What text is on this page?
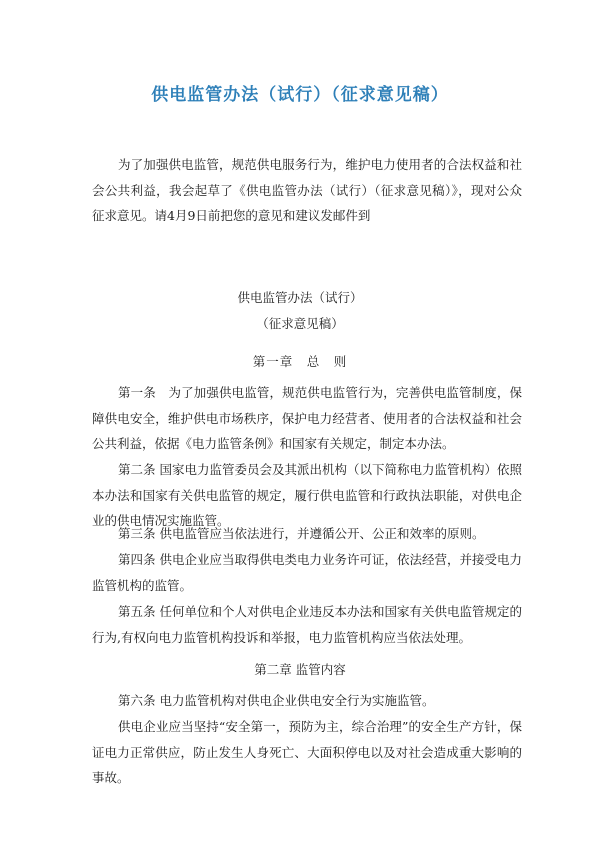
供电监管办法（试行）（征求意见稿）
为了加强供电监管，规范供电服务行为，维护电力使用者的合法权益和社会公共利益，我会起草了《供电监管办法（试行）（征求意见稿）》，现对公众征求意见。请4月9日前把您的意见和建议发邮件到
供电监管办法（试行）
（征求意见稿）
第一章　总　则
第一条　为了加强供电监管，规范供电监管行为，完善供电监管制度，保障供电安全，维护供电市场秩序，保护电力经营者、使用者的合法权益和社会公共利益，依据《电力监管条例》和国家有关规定，制定本办法。
第二条 国家电力监管委员会及其派出机构（以下简称电力监管机构）依照本办法和国家有关供电监管的规定，履行供电监管和行政执法职能，对供电企业的供电情况实施监管。
第三条 供电监管应当依法进行，并遵循公开、公正和效率的原则。
第四条 供电企业应当取得供电类电力业务许可证，依法经营，并接受电力监管机构的监管。
第五条 任何单位和个人对供电企业违反本办法和国家有关供电监管规定的行为,有权向电力监管机构投诉和举报，电力监管机构应当依法处理。
第二章 监管内容
第六条 电力监管机构对供电企业供电安全行为实施监管。
供电企业应当坚持“安全第一，预防为主，综合治理”的安全生产方针，保证电力正常供应，防止发生人身死亡、大面积停电以及对社会造成重大影响的事故。
